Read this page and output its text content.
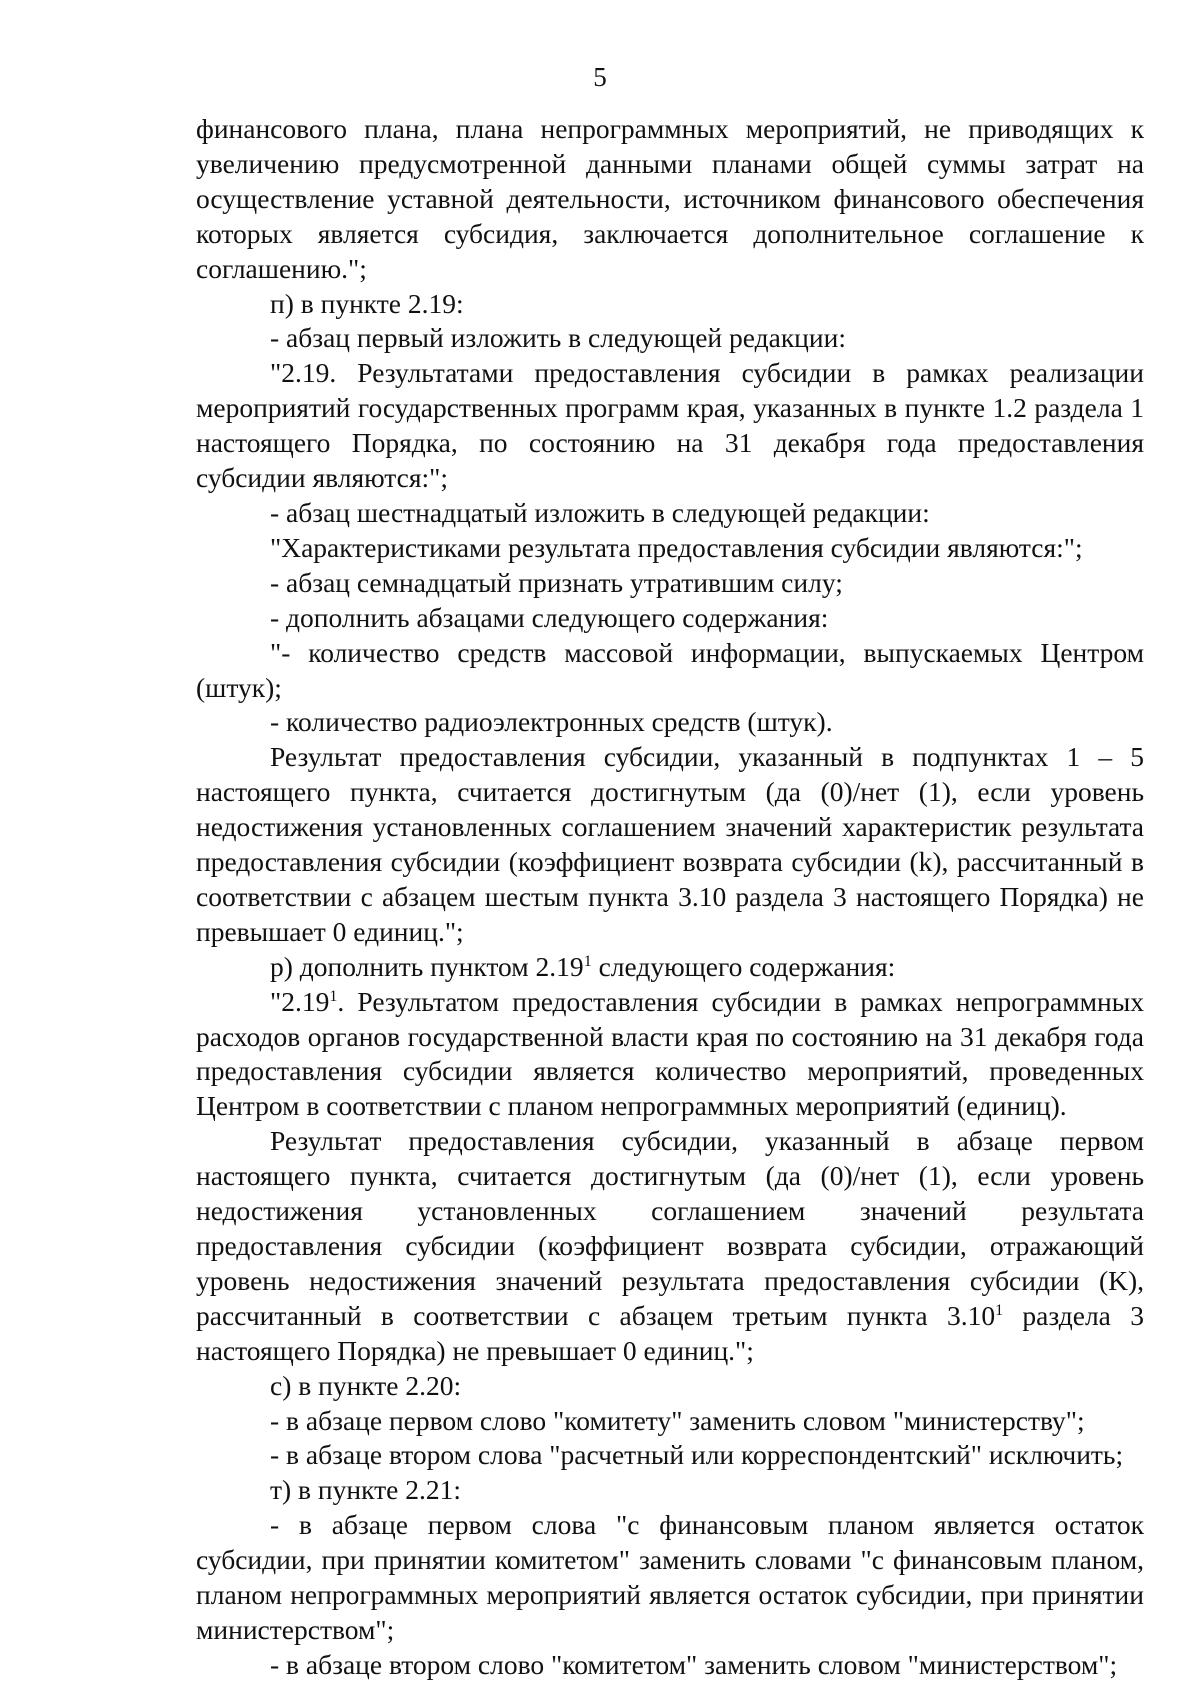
5

финансового плана, плана непрограммных мероприятий, не приводящих к увеличению предусмотренной данными планами общей суммы затрат на осуществление уставной деятельности, источником финансового обеспечения которых является субсидия, заключается дополнительное соглашение к соглашению.";

п) в пункте 2.19:

- абзац первый изложить в следующей редакции:

"2.19. Результатами предоставления субсидии в рамках реализации мероприятий государственных программ края, указанных в пункте 1.2 раздела 1 настоящего Порядка, по состоянию на 31 декабря года предоставления субсидии являются:";

- абзац шестнадцатый изложить в следующей редакции:

"Характеристиками результата предоставления субсидии являются:";

- абзац семнадцатый признать утратившим силу;

- дополнить абзацами следующего содержания:

"- количество средств массовой информации, выпускаемых Центром (штук);

- количество радиоэлектронных средств (штук).

Результат предоставления субсидии, указанный в подпунктах 1 – 5 настоящего пункта, считается достигнутым (да (0)/нет (1), если уровень недостижения установленных соглашением значений характеристик результата предоставления субсидии (коэффициент возврата субсидии (k), рассчитанный в соответствии с абзацем шестым пункта 3.10 раздела 3 настоящего Порядка) не превышает 0 единиц.";

р) дополнить пунктом 2.19$^1$ следующего содержания:

"2.19$^1$. Результатом предоставления субсидии в рамках непрограммных расходов органов государственной власти края по состоянию на 31 декабря года предоставления субсидии является количество мероприятий, проведенных Центром в соответствии с планом непрограммных мероприятий (единиц).

Результат предоставления субсидии, указанный в абзаце первом настоящего пункта, считается достигнутым (да (0)/нет (1), если уровень недостижения установленных соглашением значений результата предоставления субсидии (коэффициент возврата субсидии, отражающий уровень недостижения значений результата предоставления субсидии (K), рассчитанный в соответствии с абзацем третьим пункта 3.10$^1$ раздела 3 настоящего Порядка) не превышает 0 единиц.";

с) в пункте 2.20:

- в абзаце первом слово "комитету" заменить словом "министерству";

- в абзаце втором слова "расчетный или корреспондентский" исключить;

т) в пункте 2.21:

- в абзаце первом слова "с финансовым планом является остаток субсидии, при принятии комитетом" заменить словами "с финансовым планом, планом непрограммных мероприятий является остаток субсидии, при принятии министерством";

- в абзаце втором слово "комитетом" заменить словом "министерством";
